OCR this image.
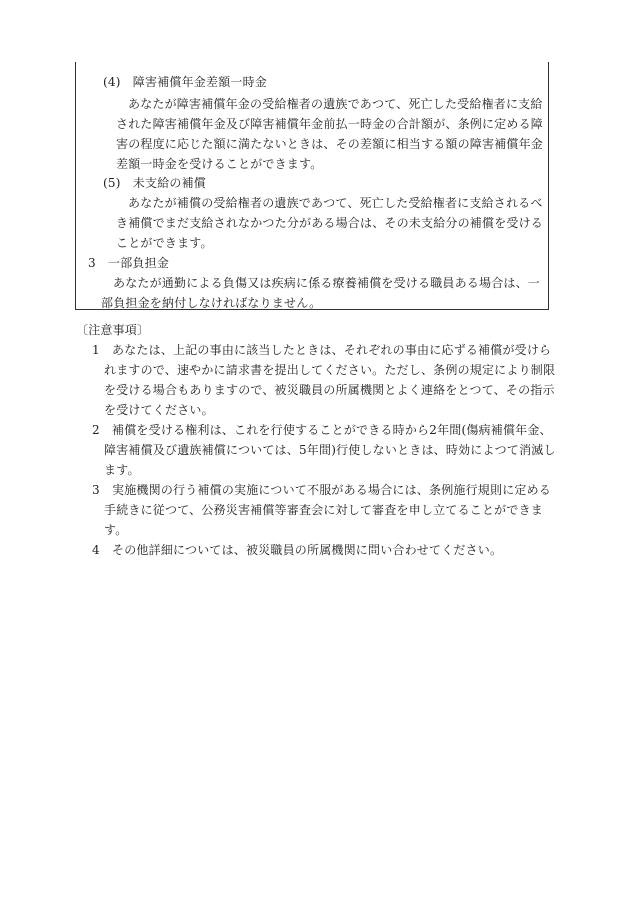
(4)　障害補償年金差額一時金
あなたが障害補償年金の受給権者の遺族であつて、死亡した受給権者に支給
された障害補償年金及び障害補償年金前払一時金の合計額が、条例に定める障
害の程度に応じた額に満たないときは、その差額に相当する額の障害補償年金
差額一時金を受けることができます。
(5)　未支給の補償
あなたが補償の受給権者の遺族であつて、死亡した受給権者に支給されるべ
き補償でまだ支給されなかつた分がある場合は、その未支給分の補償を受ける
ことができます。
3　一部負担金
あなたが通勤による負傷又は疾病に係る療養補償を受ける職員ある場合は、一
部負担金を納付しなければなりません。
〔注意事項〕
1　あなたは、上記の事由に該当したときは、それぞれの事由に応ずる補償が受けら
れますので、速やかに請求書を提出してください。ただし、条例の規定により制限
を受ける場合もありますので、被災職員の所属機関とよく連絡をとつて、その指示
を受けてください。
2　補償を受ける権利は、これを行使することができる時から2年間(傷病補償年金、
障害補償及び遺族補償については、5年間)行使しないときは、時効によつて消滅し
ます。
3　実施機関の行う補償の実施について不服がある場合には、条例施行規則に定める
手続きに従つて、公務災害補償等審査会に対して審査を申し立てることができま
す。
4　その他詳細については、被災職員の所属機関に問い合わせてください。
